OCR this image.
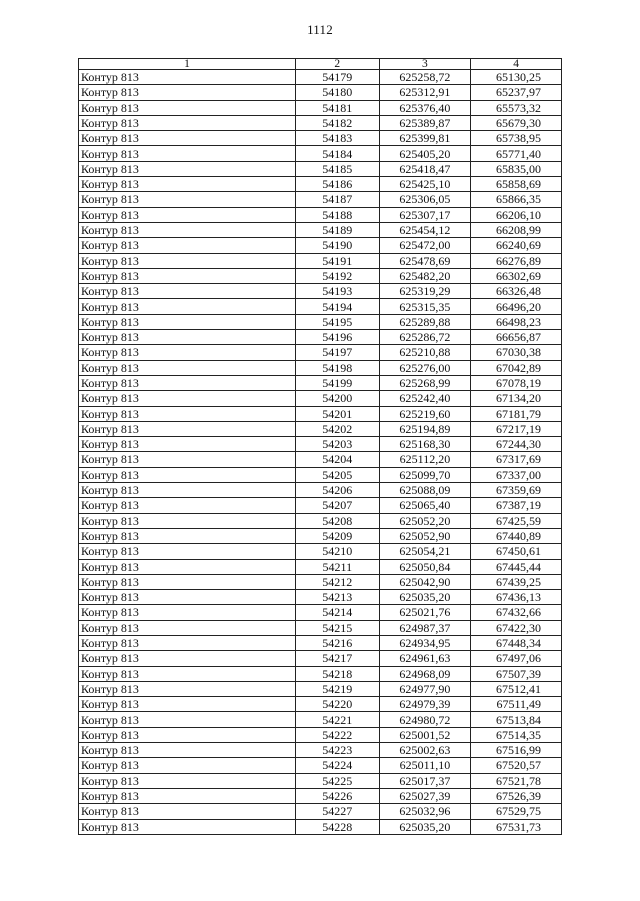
1112
1	2	3	4
Контур 813	54179	625258,72	65130,25
Контур 813	54180	625312,91	65237,97
Контур 813	54181	625376,40	65573,32
Контур 813	54182	625389,87	65679,30
Контур 813	54183	625399,81	65738,95
Контур 813	54184	625405,20	65771,40
Контур 813	54185	625418,47	65835,00
Контур 813	54186	625425,10	65858,69
Контур 813	54187	625306,05	65866,35
Контур 813	54188	625307,17	66206,10
Контур 813	54189	625454,12	66208,99
Контур 813	54190	625472,00	66240,69
Контур 813	54191	625478,69	66276,89
Контур 813	54192	625482,20	66302,69
Контур 813	54193	625319,29	66326,48
Контур 813	54194	625315,35	66496,20
Контур 813	54195	625289,88	66498,23
Контур 813	54196	625286,72	66656,87
Контур 813	54197	625210,88	67030,38
Контур 813	54198	625276,00	67042,89
Контур 813	54199	625268,99	67078,19
Контур 813	54200	625242,40	67134,20
Контур 813	54201	625219,60	67181,79
Контур 813	54202	625194,89	67217,19
Контур 813	54203	625168,30	67244,30
Контур 813	54204	625112,20	67317,69
Контур 813	54205	625099,70	67337,00
Контур 813	54206	625088,09	67359,69
Контур 813	54207	625065,40	67387,19
Контур 813	54208	625052,20	67425,59
Контур 813	54209	625052,90	67440,89
Контур 813	54210	625054,21	67450,61
Контур 813	54211	625050,84	67445,44
Контур 813	54212	625042,90	67439,25
Контур 813	54213	625035,20	67436,13
Контур 813	54214	625021,76	67432,66
Контур 813	54215	624987,37	67422,30
Контур 813	54216	624934,95	67448,34
Контур 813	54217	624961,63	67497,06
Контур 813	54218	624968,09	67507,39
Контур 813	54219	624977,90	67512,41
Контур 813	54220	624979,39	67511,49
Контур 813	54221	624980,72	67513,84
Контур 813	54222	625001,52	67514,35
Контур 813	54223	625002,63	67516,99
Контур 813	54224	625011,10	67520,57
Контур 813	54225	625017,37	67521,78
Контур 813	54226	625027,39	67526,39
Контур 813	54227	625032,96	67529,75
Контур 813	54228	625035,20	67531,73
